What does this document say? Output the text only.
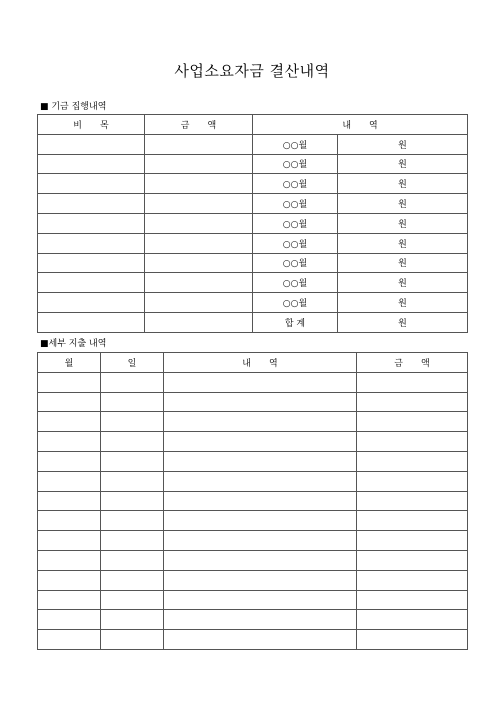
사업소요자금 결산내역
■ 기금 집행내역
비　　목	금　　액	내　　역	
		○○월	원
		○○월	원
		○○월	원
		○○월	원
		○○월	원
		○○월	원
		○○월	원
		○○월	원
		○○월	원
		합 계	원
■세부 지출 내역
월	일	내　　역	금　　액
